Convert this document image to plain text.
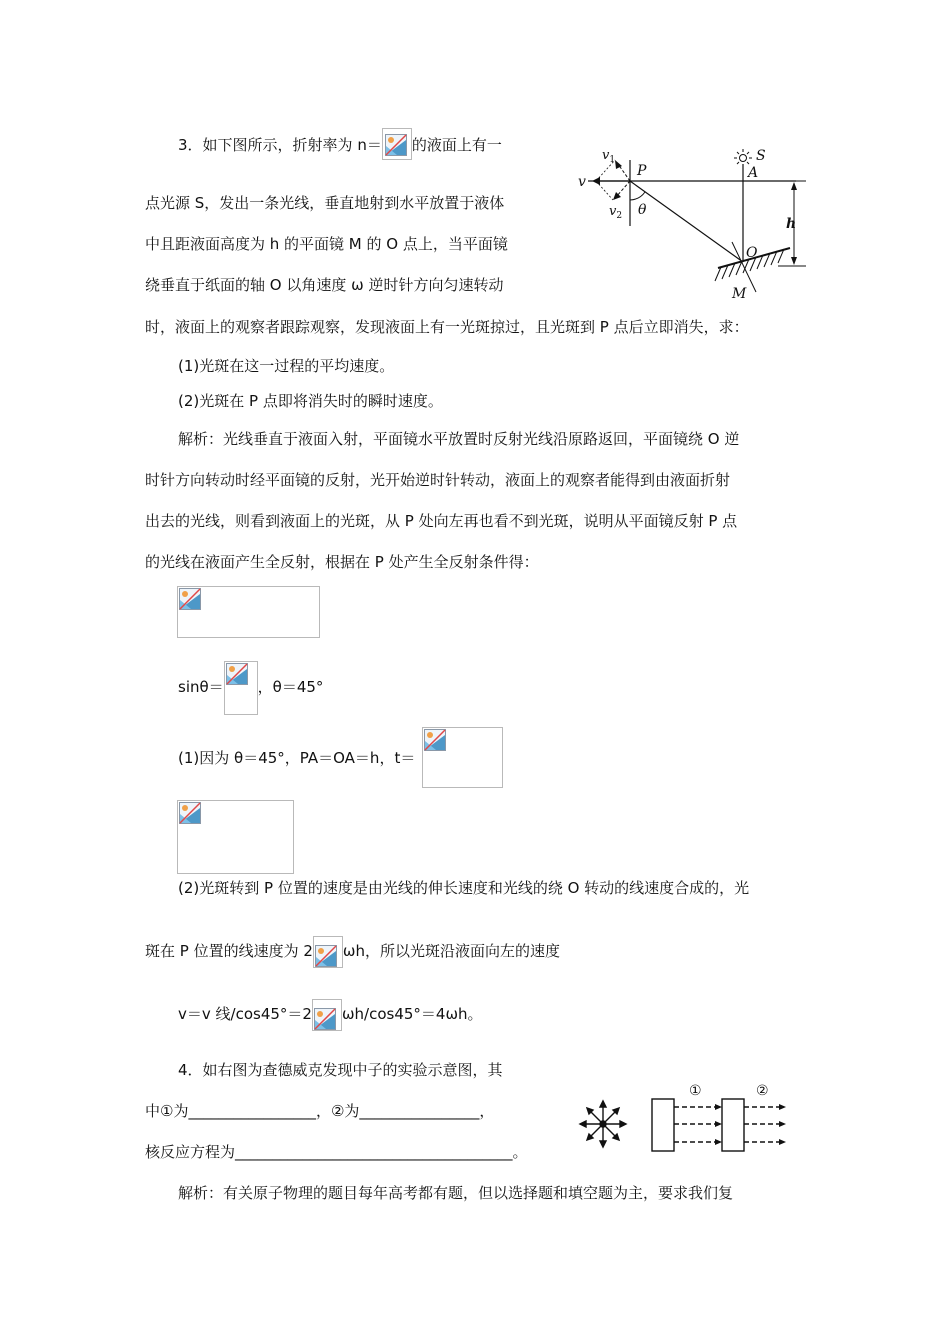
3．如下图所示，折射率为 n＝ 的液面上有一
点光源 S，发出一条光线，垂直地射到水平放置于液体
中且距液面高度为 h 的平面镜 M 的 O 点上，当平面镜
绕垂直于纸面的轴 O 以角速度 ω 逆时针方向匀速转动
时，液面上的观察者跟踪观察，发现液面上有一光斑掠过，且光斑到 P 点后立即消失，求：
(1)光斑在这一过程的平均速度。
(2)光斑在 P 点即将消失时的瞬时速度。
解析：光线垂直于液面入射，平面镜水平放置时反射光线沿原路返回，平面镜绕 O 逆
时针方向转动时经平面镜的反射，光开始逆时针转动，液面上的观察者能得到由液面折射
出去的光线，则看到液面上的光斑，从 P 处向左再也看不到光斑，说明从平面镜反射 P 点
的光线在液面产生全反射，根据在 P 处产生全反射条件得：
sinθ＝ ，θ＝45°
(1)因为 θ＝45°，PA＝OA＝h，t＝
(2)光斑转到 P 位置的速度是由光线的伸长速度和光线的绕 O 转动的线速度合成的，光
斑在 P 位置的线速度为 2 ωh，所以光斑沿液面向左的速度
v＝v 线/cos45°＝2 ωh/cos45°＝4ωh。
$v_1$
v
$v_2$
P
θ
S
A
h
O
M
4．如右图为查德威克发现中子的实验示意图，其
中①为_________________，②为________________，
核反应方程为_____________________________________。
解析：有关原子物理的题目每年高考都有题，但以选择题和填空题为主，要求我们复
①	②
